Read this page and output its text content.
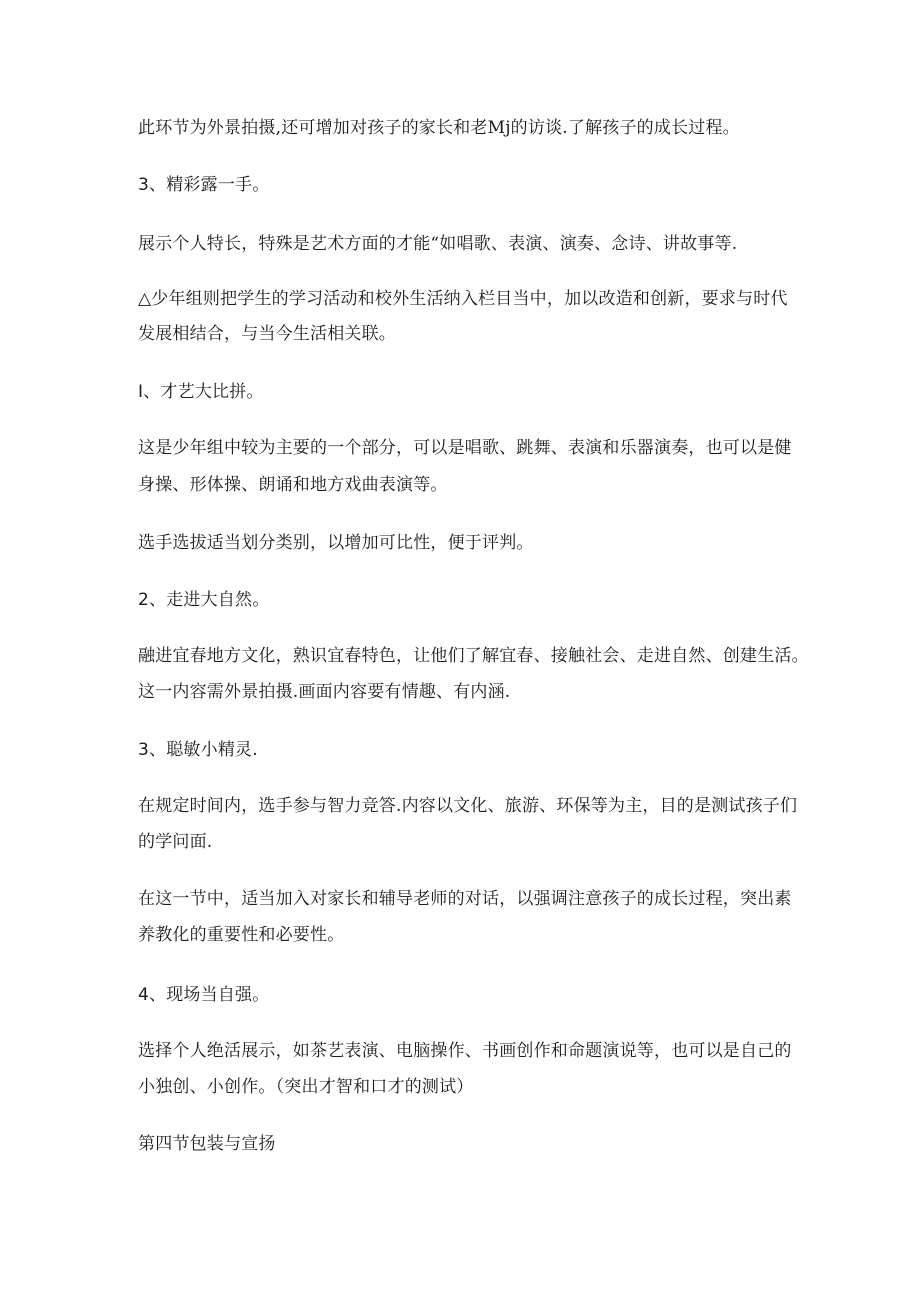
此环节为外景拍摄,还可增加对孩子的家长和老Mj的访谈.了解孩子的成长过程。
3、精彩露一手。
展示个人特长，特殊是艺术方面的才能“如唱歌、表演、演奏、念诗、讲故事等.
△少年组则把学生的学习活动和校外生活纳入栏目当中，加以改造和创新，要求与时代
发展相结合，与当今生活相关联。
I、才艺大比拼。
这是少年组中较为主要的一个部分，可以是唱歌、跳舞、表演和乐器演奏，也可以是健
身操、形体操、朗诵和地方戏曲表演等。
选手选拔适当划分类别，以增加可比性，便于评判。
2、走进大自然。
融进宜春地方文化，熟识宜春特色，让他们了解宜春、接触社会、走进自然、创建生活。
这一内容需外景拍摄.画面内容要有情趣、有内涵.
3、聪敏小精灵.
在规定时间内，选手参与智力竞答.内容以文化、旅游、环保等为主，目的是测试孩子们
的学问面.
在这一节中，适当加入对家长和辅导老师的对话，以强调注意孩子的成长过程，突出素
养教化的重要性和必要性。
4、现场当自强。
选择个人绝活展示，如茶艺表演、电脑操作、书画创作和命题演说等，也可以是自己的
小独创、小创作。（突出才智和口才的测试）
第四节包装与宣扬
